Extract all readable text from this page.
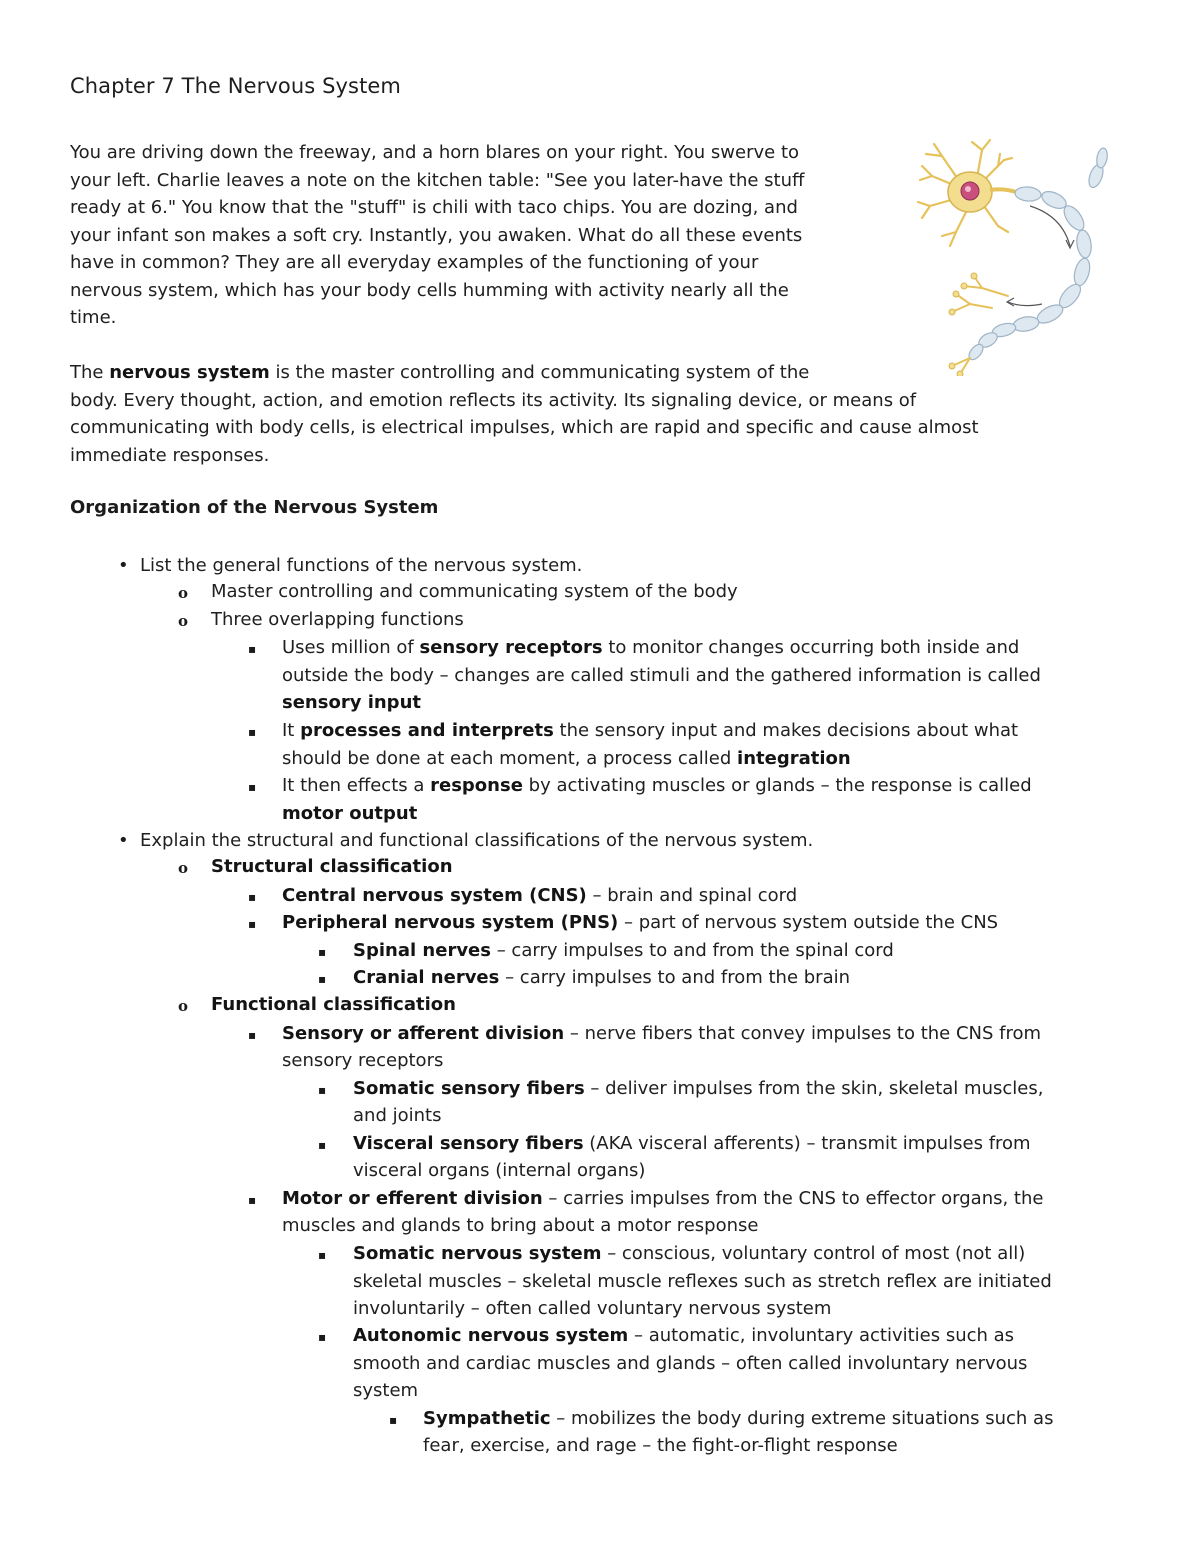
Chapter 7 The Nervous System
You are driving down the freeway, and a horn blares on your right. You swerve to
your left. Charlie leaves a note on the kitchen table: "See you later-have the stuff
ready at 6." You know that the "stuff" is chili with taco chips. You are dozing, and
your infant son makes a soft cry. Instantly, you awaken. What do all these events
have in common? They are all everyday examples of the functioning of your
nervous system, which has your body cells humming with activity nearly all the
time.
The nervous system is the master controlling and communicating system of the
body. Every thought, action, and emotion reflects its activity. Its signaling device, or means of
communicating with body cells, is electrical impulses, which are rapid and specific and cause almost
immediate responses.
Organization of the Nervous System
• List the general functions of the nervous system.
o Master controlling and communicating system of the body
o Three overlapping functions
▪ Uses million of sensory receptors to monitor changes occurring both inside and
outside the body – changes are called stimuli and the gathered information is called
sensory input
▪ It processes and interprets the sensory input and makes decisions about what
should be done at each moment, a process called integration
▪ It then effects a response by activating muscles or glands – the response is called
motor output
• Explain the structural and functional classifications of the nervous system.
o Structural classification
▪ Central nervous system (CNS) – brain and spinal cord
▪ Peripheral nervous system (PNS) – part of nervous system outside the CNS
▪ Spinal nerves – carry impulses to and from the spinal cord
▪ Cranial nerves – carry impulses to and from the brain
o Functional classification
▪ Sensory or afferent division – nerve fibers that convey impulses to the CNS from
sensory receptors
▪ Somatic sensory fibers – deliver impulses from the skin, skeletal muscles,
and joints
▪ Visceral sensory fibers (AKA visceral afferents) – transmit impulses from
visceral organs (internal organs)
▪ Motor or efferent division – carries impulses from the CNS to effector organs, the
muscles and glands to bring about a motor response
▪ Somatic nervous system – conscious, voluntary control of most (not all)
skeletal muscles – skeletal muscle reflexes such as stretch reflex are initiated
involuntarily – often called voluntary nervous system
▪ Autonomic nervous system – automatic, involuntary activities such as
smooth and cardiac muscles and glands – often called involuntary nervous
system
▪ Sympathetic – mobilizes the body during extreme situations such as
fear, exercise, and rage – the fight-or-flight response
